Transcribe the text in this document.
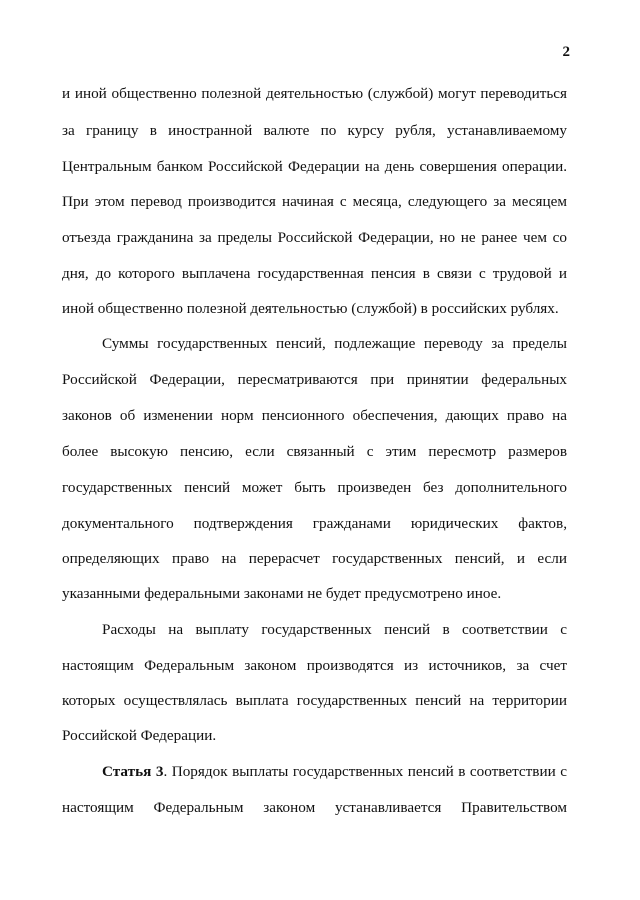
2
и иной общественно полезной деятельностью (службой) могут переводиться
за границу в иностранной валюте по курсу рубля, устанавливаемому
Центральным банком Российской Федерации на день совершения операции.
При этом перевод производится начиная с месяца, следующего за месяцем
отъезда гражданина за пределы Российской Федерации, но не ранее чем со
дня, до которого выплачена государственная пенсия в связи с трудовой и
иной общественно полезной деятельностью (службой) в российских рублях.
Суммы государственных пенсий, подлежащие переводу за пределы
Российской Федерации, пересматриваются при принятии федеральных
законов об изменении норм пенсионного обеспечения, дающих право на
более высокую пенсию, если связанный с этим пересмотр размеров
государственных пенсий может быть произведен без дополнительного
документального подтверждения гражданами юридических фактов,
определяющих право на перерасчет государственных пенсий, и если
указанными федеральными законами не будет предусмотрено иное.
Расходы на выплату государственных пенсий в соответствии с
настоящим Федеральным законом производятся из источников, за счет
которых осуществлялась выплата государственных пенсий на территории
Российской Федерации.
Статья 3. Порядок выплаты государственных пенсий в соответствии с
настоящим Федеральным законом устанавливается Правительством
